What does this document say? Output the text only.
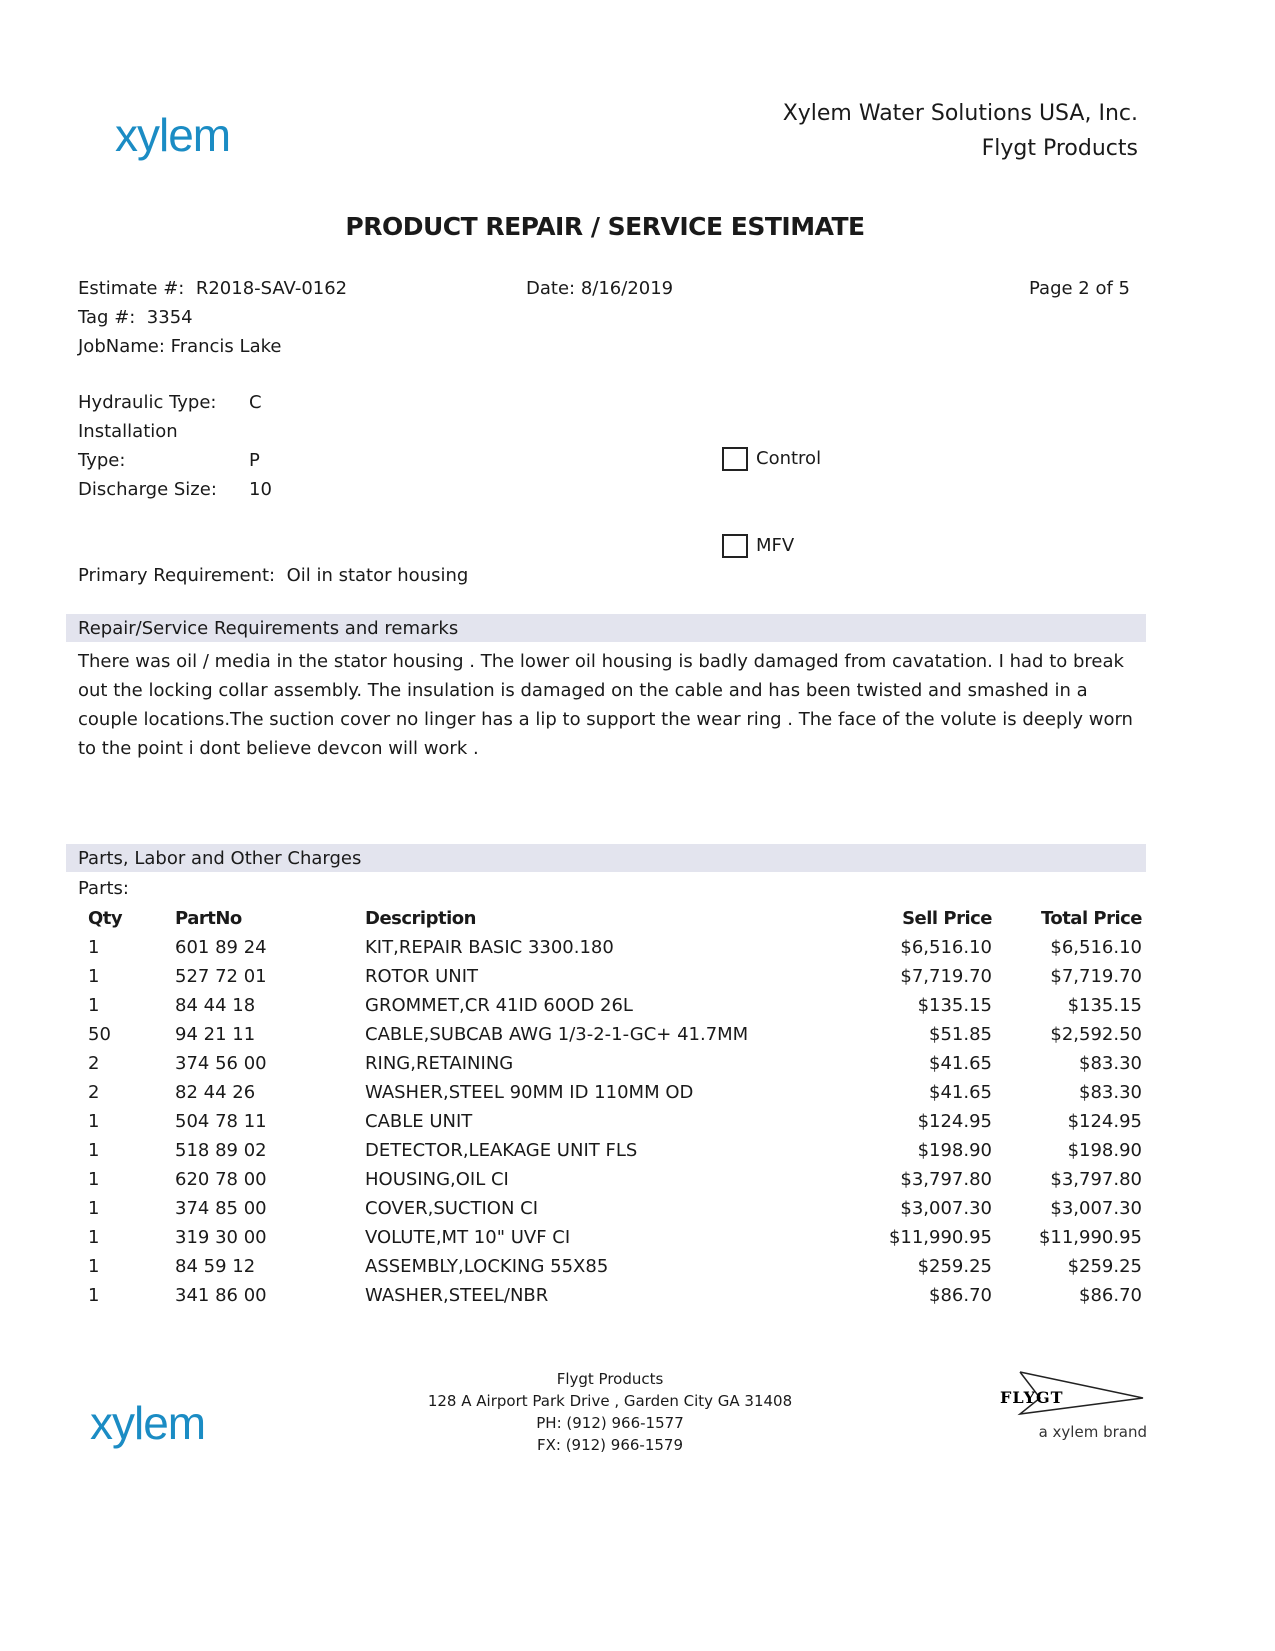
xylem	Xylem Water Solutions USA, Inc.
Flygt Products
PRODUCT REPAIR / SERVICE ESTIMATE
Estimate #: R2018-SAV-0162
Tag #: 3354
JobName: Francis Lake
Date: 8/16/2019	Page 2 of 5
Hydraulic Type: C
Installation
Type:	P
Discharge Size: 10
Control
MFV
Primary Requirement: Oil in stator housing
Repair/Service Requirements and remarks
There was oil / media in the stator housing . The lower oil housing is badly damaged from cavatation. I had to break out the locking collar assembly. The insulation is damaged on the cable and has been twisted and smashed in a couple locations.The suction cover no linger has a lip to support the wear ring . The face of the volute is deeply worn to the point i dont believe devcon will work .
Parts, Labor and Other Charges
Parts:
Qty	PartNo	Description	Sell Price	Total Price
1	601 89 24	KIT,REPAIR BASIC 3300.180	$6,516.10	$6,516.10
1	527 72 01	ROTOR UNIT	$7,719.70	$7,719.70
1	84 44 18	GROMMET,CR 41ID 60OD 26L	$135.15	$135.15
50	94 21 11	CABLE,SUBCAB AWG 1/3-2-1-GC+ 41.7MM	$51.85	$2,592.50
2	374 56 00	RING,RETAINING	$41.65	$83.30
2	82 44 26	WASHER,STEEL 90MM ID 110MM OD	$41.65	$83.30
1	504 78 11	CABLE UNIT	$124.95	$124.95
1	518 89 02	DETECTOR,LEAKAGE UNIT FLS	$198.90	$198.90
1	620 78 00	HOUSING,OIL CI	$3,797.80	$3,797.80
1	374 85 00	COVER,SUCTION CI	$3,007.30	$3,007.30
1	319 30 00	VOLUTE,MT 10" UVF CI	$11,990.95	$11,990.95
1	84 59 12	ASSEMBLY,LOCKING 55X85	$259.25	$259.25
1	341 86 00	WASHER,STEEL/NBR	$86.70	$86.70
xylem
Flygt Products
128 A Airport Park Drive , Garden City GA 31408
PH: (912) 966-1577
FX: (912) 966-1579
FLYGT
a xylem brand
